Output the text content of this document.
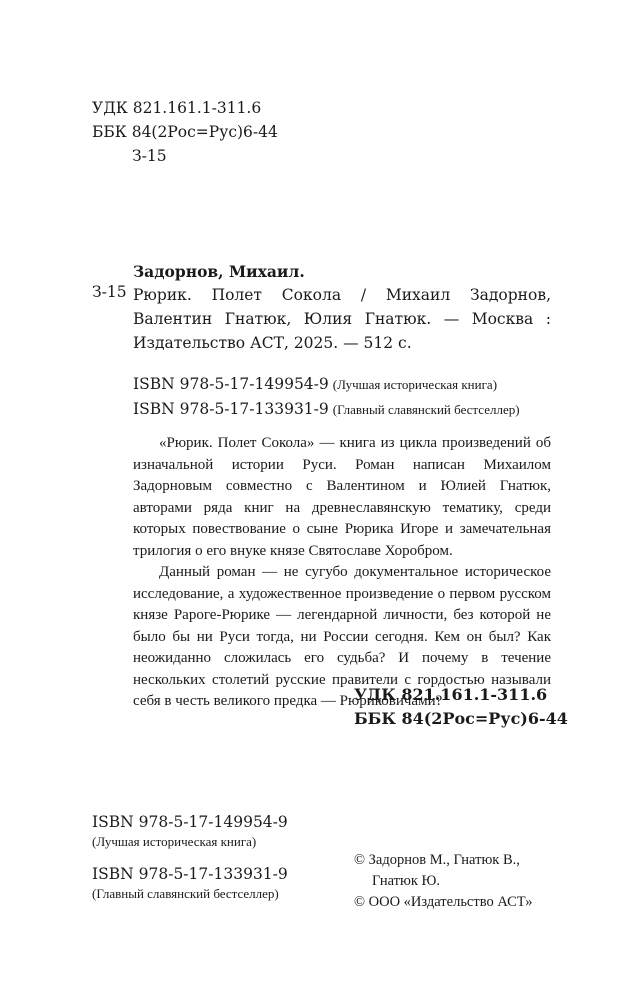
УДК 821.161.1-311.6
ББК 84(2Рос=Рус)6-44
З-15
Задорнов, Михаил.
З-15 Рюрик. Полет Сокола / Михаил Задорнов,
Валентин Гнатюк, Юлия Гнатюк. — Москва :
Издательство АСТ, 2025. — 512 с.
ISBN 978-5-17-149954-9 (Лучшая историческая книга)
ISBN 978-5-17-133931-9 (Главный славянский бестселлер)

«Рюрик. Полет Сокола» — книга из цикла произведений об изначальной истории Руси. Роман написан Михаилом Задорновым совместно с Валентином и Юлией Гнатюк, авторами ряда книг на древнеславянскую тематику, среди которых повествование о сыне Рюрика Игоре и замечательная трилогия о его внуке князе Святославе Хоробром.

Данный роман — не сугубо документальное историческое исследование, а художественное произведение о первом русском князе Рароге-Рюрике — легендарной личности, без которой не было бы ни Руси тогда, ни России сегодня. Кем он был? Как неожиданно сложилась его судьба? И почему в течение нескольких столетий русские правители с гордостью называли себя в честь великого предка — Рюриковичами?

УДК 821.161.1-311.6
ББК 84(2Рос=Рус)6-44
ISBN 978-5-17-149954-9
(Лучшая историческая книга)
ISBN 978-5-17-133931-9
(Главный славянский бестселлер)
© Задорнов М., Гнатюк В.,
Гнатюк Ю.
© ООО «Издательство АСТ»
